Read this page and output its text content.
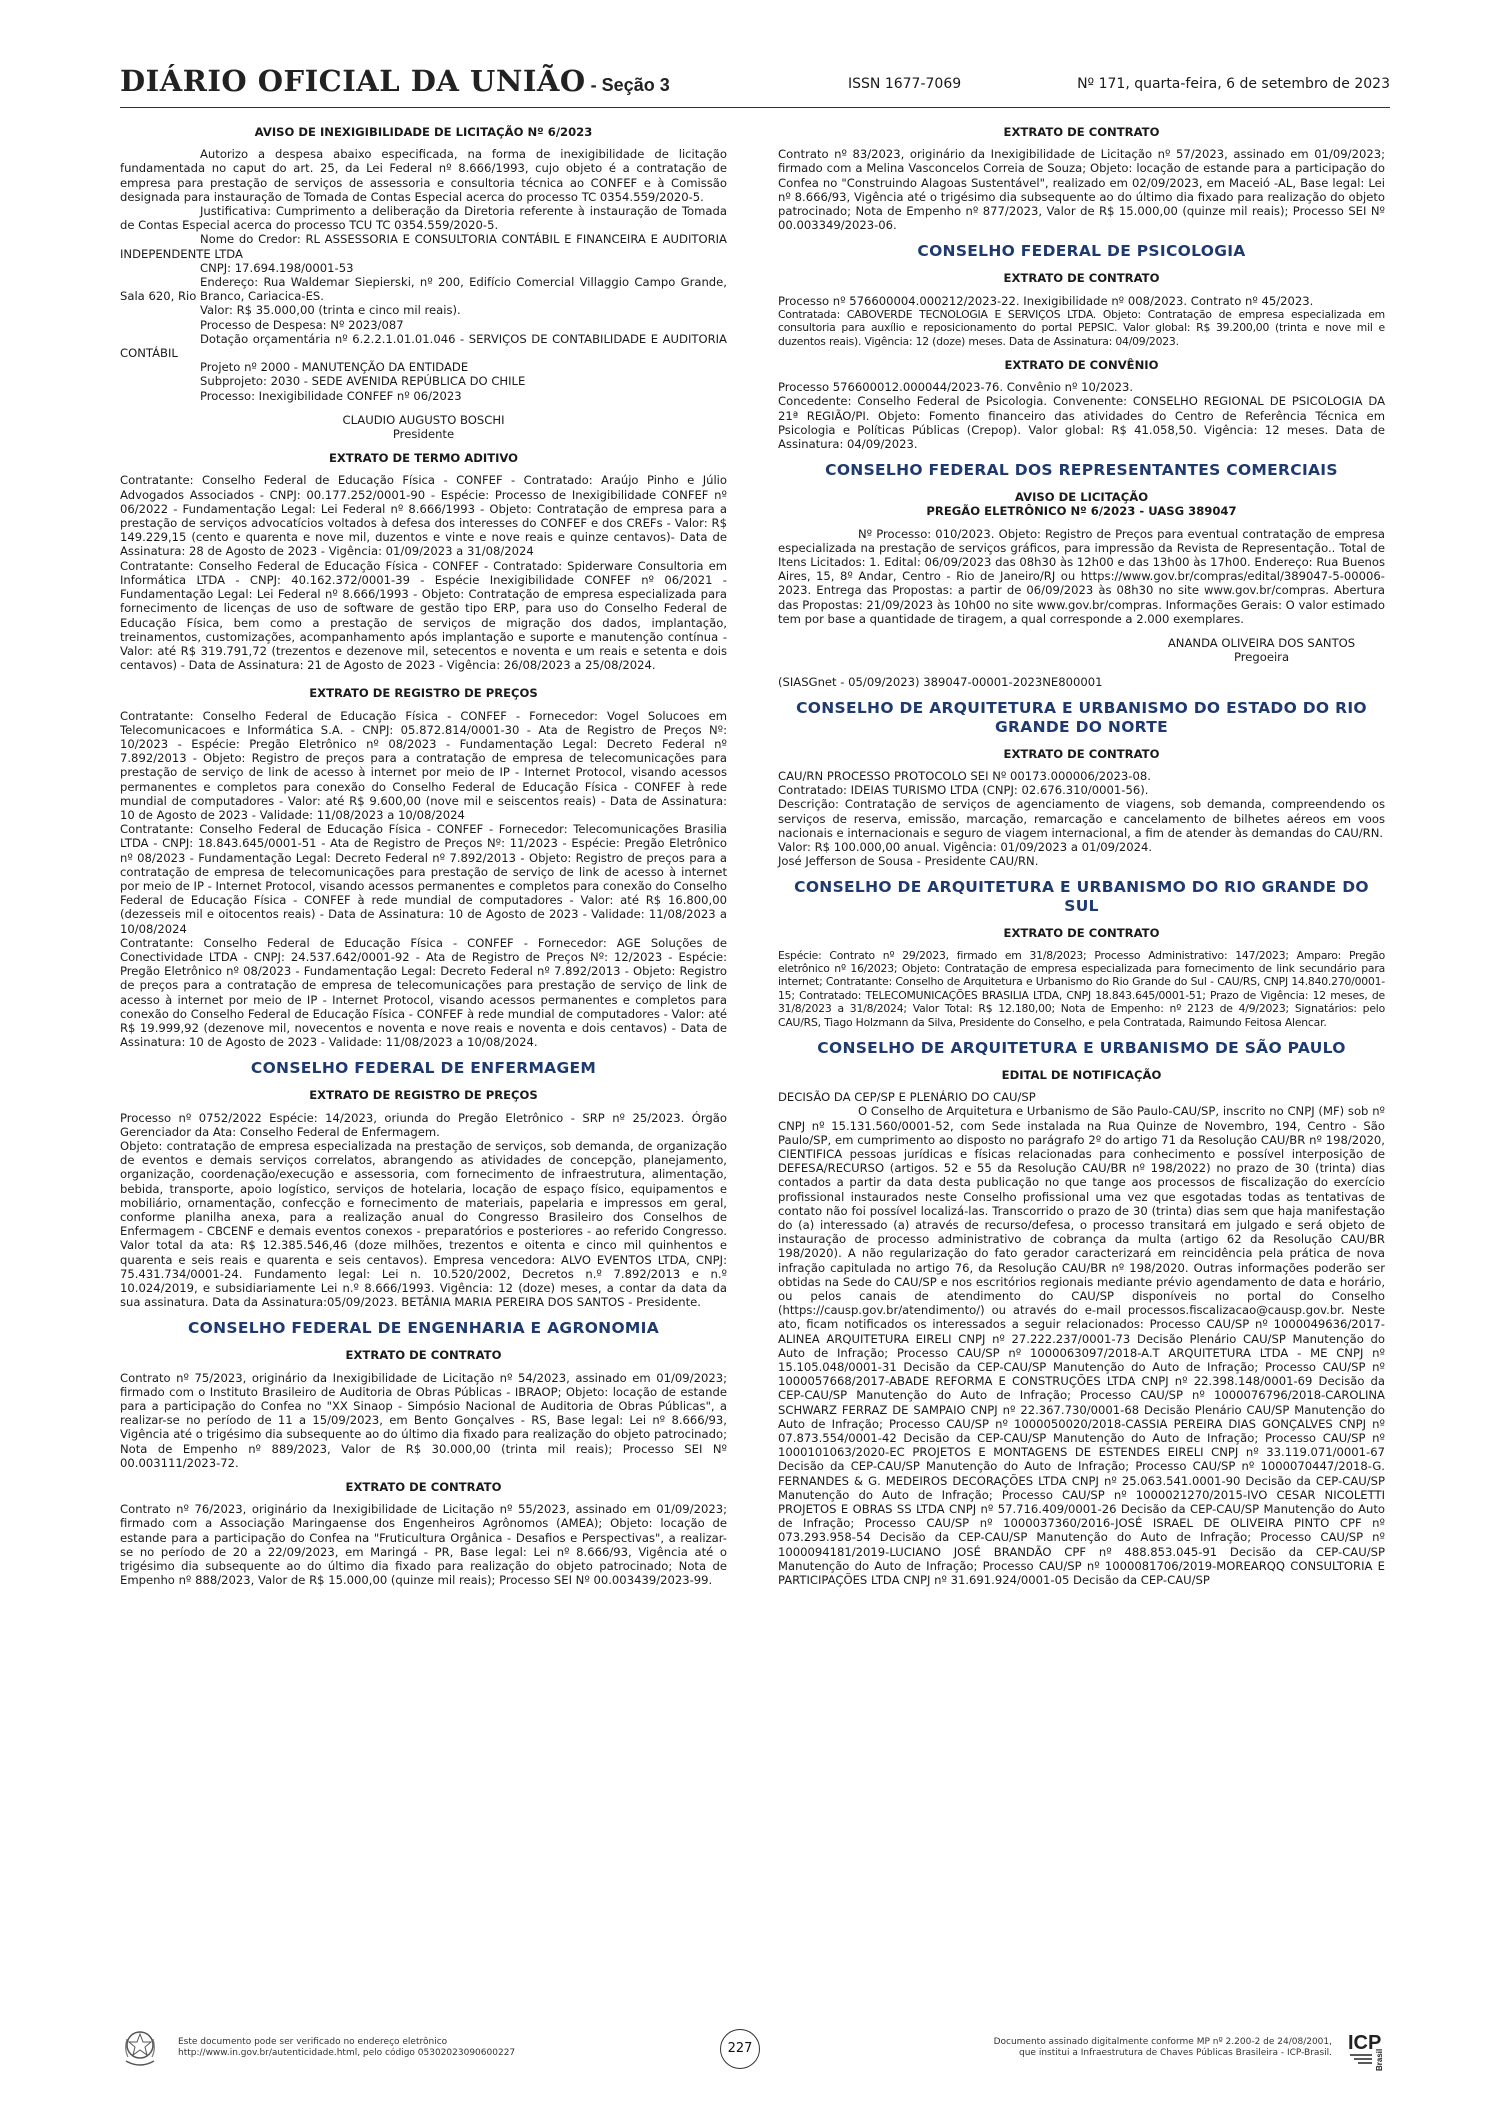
DIÁRIO OFICIAL DA UNIÃO - Seção 3	ISSN 1677-7069	Nº 171, quarta-feira, 6 de setembro de 2023
AVISO DE INEXIGIBILIDADE DE LICITAÇÃO Nº 6/2023

Autorizo a despesa abaixo especificada, na forma de inexigibilidade de licitação fundamentada no caput do art. 25, da Lei Federal nº 8.666/1993, cujo objeto é a contratação de empresa para prestação de serviços de assessoria e consultoria técnica ao CONFEF e à Comissão designada para instauração de Tomada de Contas Especial acerca do processo TC 0354.559/2020-5.

Justificativa: Cumprimento a deliberação da Diretoria referente à instauração de Tomada de Contas Especial acerca do processo TCU TC 0354.559/2020-5.

Nome do Credor: RL ASSESSORIA E CONSULTORIA CONTÁBIL E FINANCEIRA E AUDITORIA INDEPENDENTE LTDA

CNPJ: 17.694.198/0001-53

Endereço: Rua Waldemar Siepierski, nº 200, Edifício Comercial Villaggio Campo Grande, Sala 620, Rio Branco, Cariacica-ES.

Valor: R$ 35.000,00 (trinta e cinco mil reais).

Processo de Despesa: Nº 2023/087

Dotação orçamentária nº 6.2.2.1.01.01.046 - SERVIÇOS DE CONTABILIDADE E AUDITORIA CONTÁBIL

Projeto nº 2000 - MANUTENÇÃO DA ENTIDADE

Subprojeto: 2030 - SEDE AVENIDA REPÚBLICA DO CHILE

Processo: Inexigibilidade CONFEF nº 06/2023

CLAUDIO AUGUSTO BOSCHI
Presidente
EXTRATO DE TERMO ADITIVO

Contratante: Conselho Federal de Educação Física - CONFEF - Contratado: Araújo Pinho e Júlio Advogados Associados - CNPJ: 00.177.252/0001-90 - Espécie: Processo de Inexigibilidade CONFEF nº 06/2022 - Fundamentação Legal: Lei Federal nº 8.666/1993 - Objeto: Contratação de empresa para a prestação de serviços advocatícios voltados à defesa dos interesses do CONFEF e dos CREFs - Valor: R$ 149.229,15 (cento e quarenta e nove mil, duzentos e vinte e nove reais e quinze centavos)- Data de Assinatura: 28 de Agosto de 2023 - Vigência: 01/09/2023 a 31/08/2024

Contratante: Conselho Federal de Educação Física - CONFEF - Contratado: Spiderware Consultoria em Informática LTDA - CNPJ: 40.162.372/0001-39 - Espécie Inexigibilidade CONFEF nº 06/2021 - Fundamentação Legal: Lei Federal nº 8.666/1993 - Objeto: Contratação de empresa especializada para fornecimento de licenças de uso de software de gestão tipo ERP, para uso do Conselho Federal de Educação Física, bem como a prestação de serviços de migração dos dados, implantação, treinamentos, customizações, acompanhamento após implantação e suporte e manutenção contínua - Valor: até R$ 319.791,72 (trezentos e dezenove mil, setecentos e noventa e um reais e setenta e dois centavos) - Data de Assinatura: 21 de Agosto de 2023 - Vigência: 26/08/2023 a 25/08/2024.

EXTRATO DE REGISTRO DE PREÇOS

Contratante: Conselho Federal de Educação Física - CONFEF - Fornecedor: Vogel Solucoes em Telecomunicacoes e Informática S.A. - CNPJ: 05.872.814/0001-30 - Ata de Registro de Preços Nº: 10/2023 - Espécie: Pregão Eletrônico nº 08/2023 - Fundamentação Legal: Decreto Federal nº 7.892/2013 - Objeto: Registro de preços para a contratação de empresa de telecomunicações para prestação de serviço de link de acesso à internet por meio de IP - Internet Protocol, visando acessos permanentes e completos para conexão do Conselho Federal de Educação Física - CONFEF à rede mundial de computadores - Valor: até R$ 9.600,00 (nove mil e seiscentos reais) - Data de Assinatura: 10 de Agosto de 2023 - Validade: 11/08/2023 a 10/08/2024

Contratante: Conselho Federal de Educação Física - CONFEF - Fornecedor: Telecomunicações Brasilia LTDA - CNPJ: 18.843.645/0001-51 - Ata de Registro de Preços Nº: 11/2023 - Espécie: Pregão Eletrônico nº 08/2023 - Fundamentação Legal: Decreto Federal nº 7.892/2013 - Objeto: Registro de preços para a contratação de empresa de telecomunicações para prestação de serviço de link de acesso à internet por meio de IP - Internet Protocol, visando acessos permanentes e completos para conexão do Conselho Federal de Educação Física - CONFEF à rede mundial de computadores - Valor: até R$ 16.800,00 (dezesseis mil e oitocentos reais) - Data de Assinatura: 10 de Agosto de 2023 - Validade: 11/08/2023 a 10/08/2024

Contratante: Conselho Federal de Educação Física - CONFEF - Fornecedor: AGE Soluções de Conectividade LTDA - CNPJ: 24.537.642/0001-92 - Ata de Registro de Preços Nº: 12/2023 - Espécie: Pregão Eletrônico nº 08/2023 - Fundamentação Legal: Decreto Federal nº 7.892/2013 - Objeto: Registro de preços para a contratação de empresa de telecomunicações para prestação de serviço de link de acesso à internet por meio de IP - Internet Protocol, visando acessos permanentes e completos para conexão do Conselho Federal de Educação Física - CONFEF à rede mundial de computadores - Valor: até R$ 19.999,92 (dezenove mil, novecentos e noventa e nove reais e noventa e dois centavos) - Data de Assinatura: 10 de Agosto de 2023 - Validade: 11/08/2023 a 10/08/2024.

CONSELHO FEDERAL DE ENFERMAGEM
EXTRATO DE REGISTRO DE PREÇOS

Processo nº 0752/2022 Espécie: 14/2023, oriunda do Pregão Eletrônico - SRP nº 25/2023. Órgão Gerenciador da Ata: Conselho Federal de Enfermagem.

Objeto: contratação de empresa especializada na prestação de serviços, sob demanda, de organização de eventos e demais serviços correlatos, abrangendo as atividades de concepção, planejamento, organização, coordenação/execução e assessoria, com fornecimento de infraestrutura, alimentação, bebida, transporte, apoio logístico, serviços de hotelaria, locação de espaço físico, equipamentos e mobiliário, ornamentação, confecção e fornecimento de materiais, papelaria e impressos em geral, conforme planilha anexa, para a realização anual do Congresso Brasileiro dos Conselhos de Enfermagem - CBCENF e demais eventos conexos - preparatórios e posteriores - ao referido Congresso. Valor total da ata: R$ 12.385.546,46 (doze milhões, trezentos e oitenta e cinco mil quinhentos e quarenta e seis reais e quarenta e seis centavos). Empresa vencedora: ALVO EVENTOS LTDA, CNPJ: 75.431.734/0001-24. Fundamento legal: Lei n. 10.520/2002, Decretos n.º 7.892/2013 e n.º 10.024/2019, e subsidiariamente Lei n.º 8.666/1993. Vigência: 12 (doze) meses, a contar da data da sua assinatura. Data da Assinatura:05/09/2023. BETÂNIA MARIA PEREIRA DOS SANTOS - Presidente.

CONSELHO FEDERAL DE ENGENHARIA E AGRONOMIA
EXTRATO DE CONTRATO

Contrato nº 75/2023, originário da Inexigibilidade de Licitação nº 54/2023, assinado em 01/09/2023; firmado com o Instituto Brasileiro de Auditoria de Obras Públicas - IBRAOP; Objeto: locação de estande para a participação do Confea no "XX Sinaop - Simpósio Nacional de Auditoria de Obras Públicas", a realizar-se no período de 11 a 15/09/2023, em Bento Gonçalves - RS, Base legal: Lei nº 8.666/93, Vigência até o trigésimo dia subsequente ao do último dia fixado para realização do objeto patrocinado; Nota de Empenho nº 889/2023, Valor de R$ 30.000,00 (trinta mil reais); Processo SEI Nº 00.003111/2023-72.

EXTRATO DE CONTRATO

Contrato nº 76/2023, originário da Inexigibilidade de Licitação nº 55/2023, assinado em 01/09/2023; firmado com a Associação Maringaense dos Engenheiros Agrônomos (AMEA); Objeto: locação de estande para a participação do Confea na "Fruticultura Orgânica - Desafios e Perspectivas", a realizar-se no período de 20 a 22/09/2023, em Maringá - PR, Base legal: Lei nº 8.666/93, Vigência até o trigésimo dia subsequente ao do último dia fixado para realização do objeto patrocinado; Nota de Empenho nº 888/2023, Valor de R$ 15.000,00 (quinze mil reais); Processo SEI Nº 00.003439/2023-99.

EXTRATO DE CONTRATO

Contrato nº 83/2023, originário da Inexigibilidade de Licitação nº 57/2023, assinado em 01/09/2023; firmado com a Melina Vasconcelos Correia de Souza; Objeto: locação de estande para a participação do Confea no "Construindo Alagoas Sustentável", realizado em 02/09/2023, em Maceió -AL, Base legal: Lei nº 8.666/93, Vigência até o trigésimo dia subsequente ao do último dia fixado para realização do objeto patrocinado; Nota de Empenho nº 877/2023, Valor de R$ 15.000,00 (quinze mil reais); Processo SEI Nº 00.003349/2023-06.

CONSELHO FEDERAL DE PSICOLOGIA
EXTRATO DE CONTRATO

Processo nº 576600004.000212/2023-22. Inexigibilidade nº 008/2023. Contrato nº 45/2023.

Contratada: CABOVERDE TECNOLOGIA E SERVIÇOS LTDA. Objeto: Contratação de empresa especializada em consultoria para auxílio e reposicionamento do portal PEPSIC. Valor global: R$ 39.200,00 (trinta e nove mil e duzentos reais). Vigência: 12 (doze) meses. Data de Assinatura: 04/09/2023.

EXTRATO DE CONVÊNIO

Processo 576600012.000044/2023-76. Convênio nº 10/2023.

Concedente: Conselho Federal de Psicologia. Convenente: CONSELHO REGIONAL DE PSICOLOGIA DA 21ª REGIÃO/PI. Objeto: Fomento financeiro das atividades do Centro de Referência Técnica em Psicologia e Políticas Públicas (Crepop). Valor global: R$ 41.058,50. Vigência: 12 meses. Data de Assinatura: 04/09/2023.

CONSELHO FEDERAL DOS REPRESENTANTES COMERCIAIS
AVISO DE LICITAÇÃO
PREGÃO ELETRÔNICO Nº 6/2023 - UASG 389047

Nº Processo: 010/2023. Objeto: Registro de Preços para eventual contratação de empresa especializada na prestação de serviços gráficos, para impressão da Revista de Representação.. Total de Itens Licitados: 1. Edital: 06/09/2023 das 08h30 às 12h00 e das 13h00 às 17h00. Endereço: Rua Buenos Aires, 15, 8º Andar, Centro - Rio de Janeiro/RJ ou https://www.gov.br/compras/edital/389047-5-00006-2023. Entrega das Propostas: a partir de 06/09/2023 às 08h30 no site www.gov.br/compras. Abertura das Propostas: 21/09/2023 às 10h00 no site www.gov.br/compras. Informações Gerais: O valor estimado tem por base a quantidade de tiragem, a qual corresponde a 2.000 exemplares.

ANANDA OLIVEIRA DOS SANTOS
Pregoeira

(SIASGnet - 05/09/2023) 389047-00001-2023NE800001

CONSELHO DE ARQUITETURA E URBANISMO DO ESTADO DO RIO GRANDE DO NORTE
EXTRATO DE CONTRATO

CAU/RN PROCESSO PROTOCOLO SEI Nº 00173.000006/2023-08.

Contratado: IDEIAS TURISMO LTDA (CNPJ: 02.676.310/0001-56).

Descrição: Contratação de serviços de agenciamento de viagens, sob demanda, compreendendo os serviços de reserva, emissão, marcação, remarcação e cancelamento de bilhetes aéreos em voos nacionais e internacionais e seguro de viagem internacional, a fim de atender às demandas do CAU/RN.

Valor: R$ 100.000,00 anual. Vigência: 01/09/2023 a 01/09/2024.

José Jefferson de Sousa - Presidente CAU/RN.

CONSELHO DE ARQUITETURA E URBANISMO DO RIO GRANDE DO SUL
EXTRATO DE CONTRATO

Espécie: Contrato nº 29/2023, firmado em 31/8/2023; Processo Administrativo: 147/2023; Amparo: Pregão eletrônico nº 16/2023; Objeto: Contratação de empresa especializada para fornecimento de link secundário para internet; Contratante: Conselho de Arquitetura e Urbanismo do Rio Grande do Sul - CAU/RS, CNPJ 14.840.270/0001-15; Contratado: TELECOMUNICAÇÕES BRASILIA LTDA, CNPJ 18.843.645/0001-51; Prazo de Vigência: 12 meses, de 31/8/2023 a 31/8/2024; Valor Total: R$ 12.180,00; Nota de Empenho: nº 2123 de 4/9/2023; Signatários: pelo CAU/RS, Tiago Holzmann da Silva, Presidente do Conselho, e pela Contratada, Raimundo Feitosa Alencar.

CONSELHO DE ARQUITETURA E URBANISMO DE SÃO PAULO
EDITAL DE NOTIFICAÇÃO

DECISÃO DA CEP/SP E PLENÁRIO DO CAU/SP

O Conselho de Arquitetura e Urbanismo de São Paulo-CAU/SP, inscrito no CNPJ (MF) sob nº CNPJ nº 15.131.560/0001-52, com Sede instalada na Rua Quinze de Novembro, 194, Centro - São Paulo/SP, em cumprimento ao disposto no parágrafo 2º do artigo 71 da Resolução CAU/BR nº 198/2020, CIENTIFICA pessoas jurídicas e físicas relacionadas para conhecimento e possível interposição de DEFESA/RECURSO (artigos. 52 e 55 da Resolução CAU/BR nº 198/2022) no prazo de 30 (trinta) dias contados a partir da data desta publicação no que tange aos processos de fiscalização do exercício profissional instaurados neste Conselho profissional uma vez que esgotadas todas as tentativas de contato não foi possível localizá-las. Transcorrido o prazo de 30 (trinta) dias sem que haja manifestação do (a) interessado (a) através de recurso/defesa, o processo transitará em julgado e será objeto de instauração de processo administrativo de cobrança da multa (artigo 62 da Resolução CAU/BR 198/2020). A não regularização do fato gerador caracterizará em reincidência pela prática de nova infração capitulada no artigo 76, da Resolução CAU/BR nº 198/2020. Outras informações poderão ser obtidas na Sede do CAU/SP e nos escritórios regionais mediante prévio agendamento de data e horário, ou pelos canais de atendimento do CAU/SP disponíveis no portal do Conselho (https://causp.gov.br/atendimento/) ou através do e-mail processos.fiscalizacao@causp.gov.br. Neste ato, ficam notificados os interessados a seguir relacionados: Processo CAU/SP nº 1000049636/2017-ALINEA ARQUITETURA EIRELI CNPJ nº 27.222.237/0001-73 Decisão Plenário CAU/SP Manutenção do Auto de Infração; Processo CAU/SP nº 1000063097/2018-A.T ARQUITETURA LTDA - ME CNPJ nº 15.105.048/0001-31 Decisão da CEP-CAU/SP Manutenção do Auto de Infração; Processo CAU/SP nº 1000057668/2017-ABADE REFORMA E CONSTRUÇÕES LTDA CNPJ nº 22.398.148/0001-69 Decisão da CEP-CAU/SP Manutenção do Auto de Infração; Processo CAU/SP nº 1000076796/2018-CAROLINA SCHWARZ FERRAZ DE SAMPAIO CNPJ nº 22.367.730/0001-68 Decisão Plenário CAU/SP Manutenção do Auto de Infração; Processo CAU/SP nº 1000050020/2018-CASSIA PEREIRA DIAS GONÇALVES CNPJ nº 07.873.554/0001-42 Decisão da CEP-CAU/SP Manutenção do Auto de Infração; Processo CAU/SP nº 1000101063/2020-EC PROJETOS E MONTAGENS DE ESTENDES EIRELI CNPJ nº 33.119.071/0001-67 Decisão da CEP-CAU/SP Manutenção do Auto de Infração; Processo CAU/SP nº 1000070447/2018-G. FERNANDES & G. MEDEIROS DECORAÇÕES LTDA CNPJ nº 25.063.541.0001-90 Decisão da CEP-CAU/SP Manutenção do Auto de Infração; Processo CAU/SP nº 1000021270/2015-IVO CESAR NICOLETTI PROJETOS E OBRAS SS LTDA CNPJ nº 57.716.409/0001-26 Decisão da CEP-CAU/SP Manutenção do Auto de Infração; Processo CAU/SP nº 1000037360/2016-JOSÉ ISRAEL DE OLIVEIRA PINTO CPF nº 073.293.958-54 Decisão da CEP-CAU/SP Manutenção do Auto de Infração; Processo CAU/SP nº 1000094181/2019-LUCIANO JOSÉ BRANDÃO CPF nº 488.853.045-91 Decisão da CEP-CAU/SP Manutenção do Auto de Infração; Processo CAU/SP nº 1000081706/2019-MOREARQQ CONSULTORIA E PARTICIPAÇÕES LTDA CNPJ nº 31.691.924/0001-05 Decisão da CEP-CAU/SP

Este documento pode ser verificado no endereço eletrônico
http://www.in.gov.br/autenticidade.html, pelo código 05302023090600227	227	Documento assinado digitalmente conforme MP nº 2.200-2 de 24/08/2001,
que institui a Infraestrutura de Chaves Públicas Brasileira - ICP-Brasil. ICP
Brasil
